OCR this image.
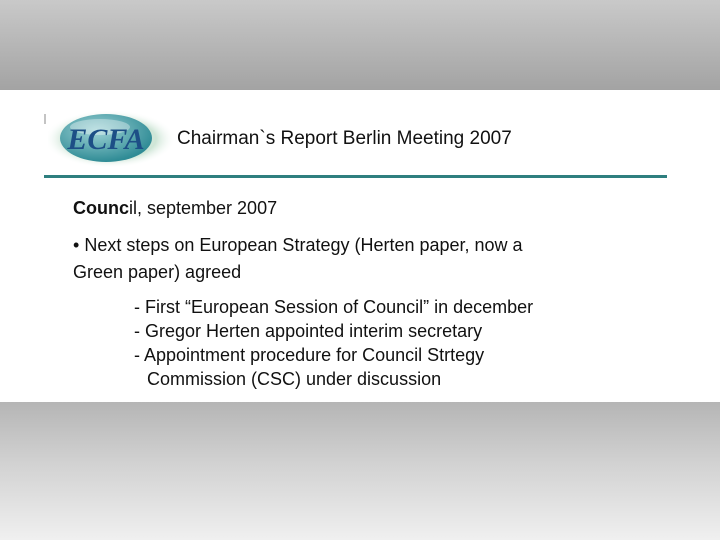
ECFA Chairman`s Report Berlin Meeting 2007
Council, september 2007
• Next steps on European Strategy (Herten paper, now a
Green paper) agreed
- First “European Session of Council” in december
- Gregor Herten appointed interim secretary
- Appointment procedure for Council Strtegy
Commission (CSC) under discussion
